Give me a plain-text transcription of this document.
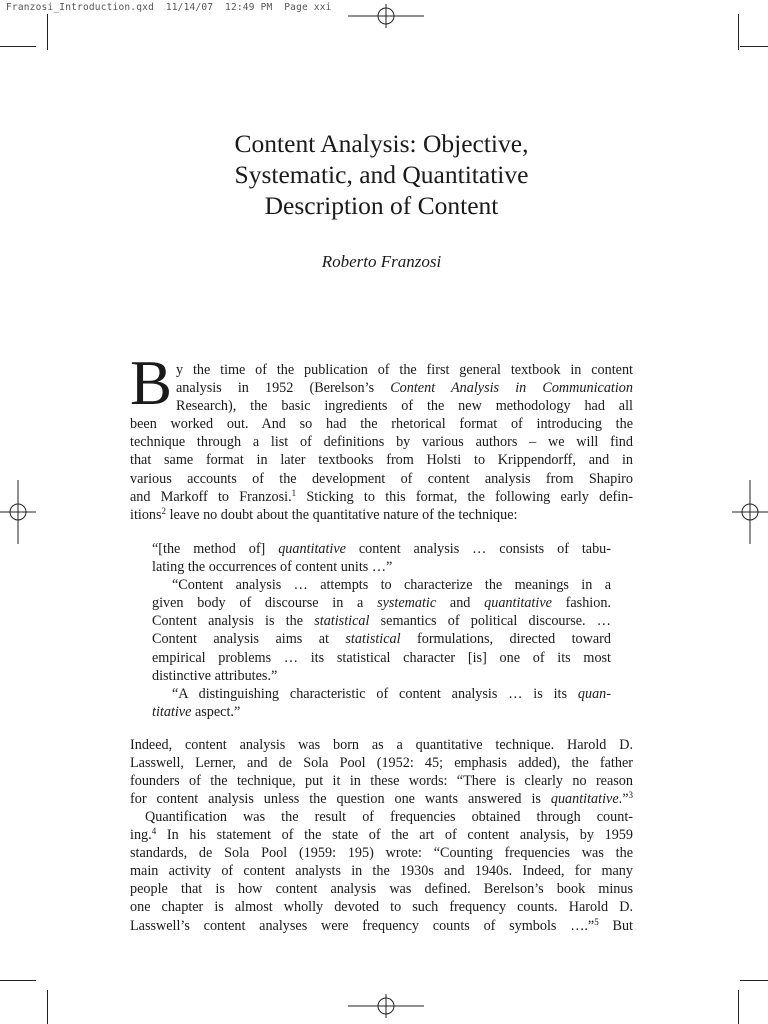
Franzosi_Introduction.qxd 11/14/07 12:49 PM Page xxi
Content Analysis: Objective,
Systematic, and Quantitative
Description of Content

Roberto Franzosi

B y the time of the publication of the first general textbook in content
analysis in 1952 (Berelson’s Content Analysis in Communication
Research), the basic ingredients of the new methodology had all
been worked out. And so had the rhetorical format of introducing the
technique through a list of definitions by various authors – we will find
that same format in later textbooks from Holsti to Krippendorff, and in
various accounts of the development of content analysis from Shapiro
and Markoff to Franzosi.$^1$ Sticking to this format, the following early defin-
itions$^2$ leave no doubt about the quantitative nature of the technique:
“[the method of] quantitative content analysis … consists of tabu-
lating the occurrences of content units …”
“Content analysis … attempts to characterize the meanings in a
given body of discourse in a systematic and quantitative fashion.
Content analysis is the statistical semantics of political discourse. …
Content analysis aims at statistical formulations, directed toward
empirical problems … its statistical character [is] one of its most
distinctive attributes.”
“A distinguishing characteristic of content analysis … is its quan-
titative aspect.”
Indeed, content analysis was born as a quantitative technique. Harold D.
Lasswell, Lerner, and de Sola Pool (1952: 45; emphasis added), the father
founders of the technique, put it in these words: “There is clearly no reason
for content analysis unless the question one wants answered is quantitative.”$^3$
Quantification was the result of frequencies obtained through count-
ing.$^4$ In his statement of the state of the art of content analysis, by 1959
standards, de Sola Pool (1959: 195) wrote: “Counting frequencies was the
main activity of content analysts in the 1930s and 1940s. Indeed, for many
people that is how content analysis was defined. Berelson’s book minus
one chapter is almost wholly devoted to such frequency counts. Harold D.
Lasswell’s content analyses were frequency counts of symbols ….”$^5$ But
